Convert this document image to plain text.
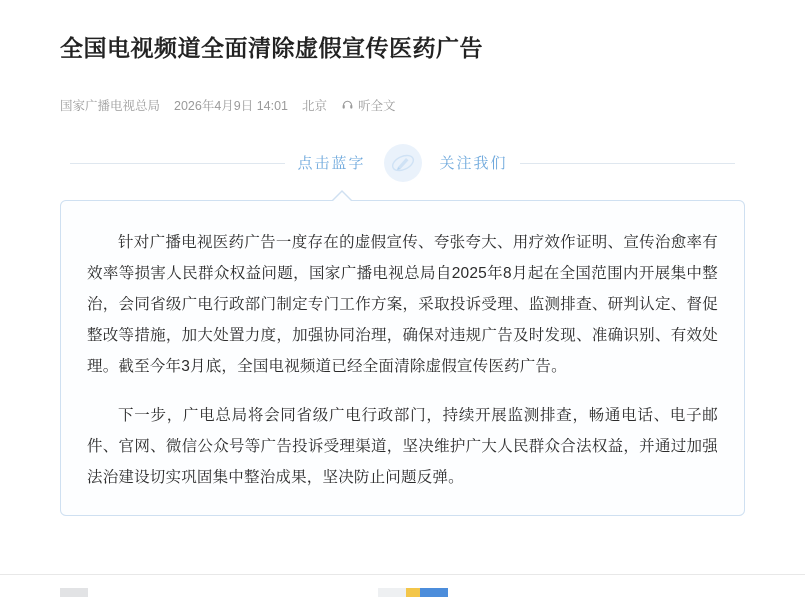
全国电视频道全面清除虚假宣传医药广告
国家广播电视总局 2026年4月9日 14:01 北京 听全文
点击蓝字	关注我们

针对广播电视医药广告一度存在的虚假宣传、夸张夸大、用疗效作证明、宣传治愈率有效率等损害人民群众权益问题，国家广播电视总局自2025年8月起在全国范围内开展集中整治，会同省级广电行政部门制定专门工作方案，采取投诉受理、监测排查、研判认定、督促整改等措施，加大处置力度，加强协同治理，确保对违规广告及时发现、准确识别、有效处理。截至今年3月底，全国电视频道已经全面清除虚假宣传医药广告。

下一步，广电总局将会同省级广电行政部门，持续开展监测排查，畅通电话、电子邮件、官网、微信公众号等广告投诉受理渠道，坚决维护广大人民群众合法权益，并通过加强法治建设切实巩固集中整治成果，坚决防止问题反弹。
